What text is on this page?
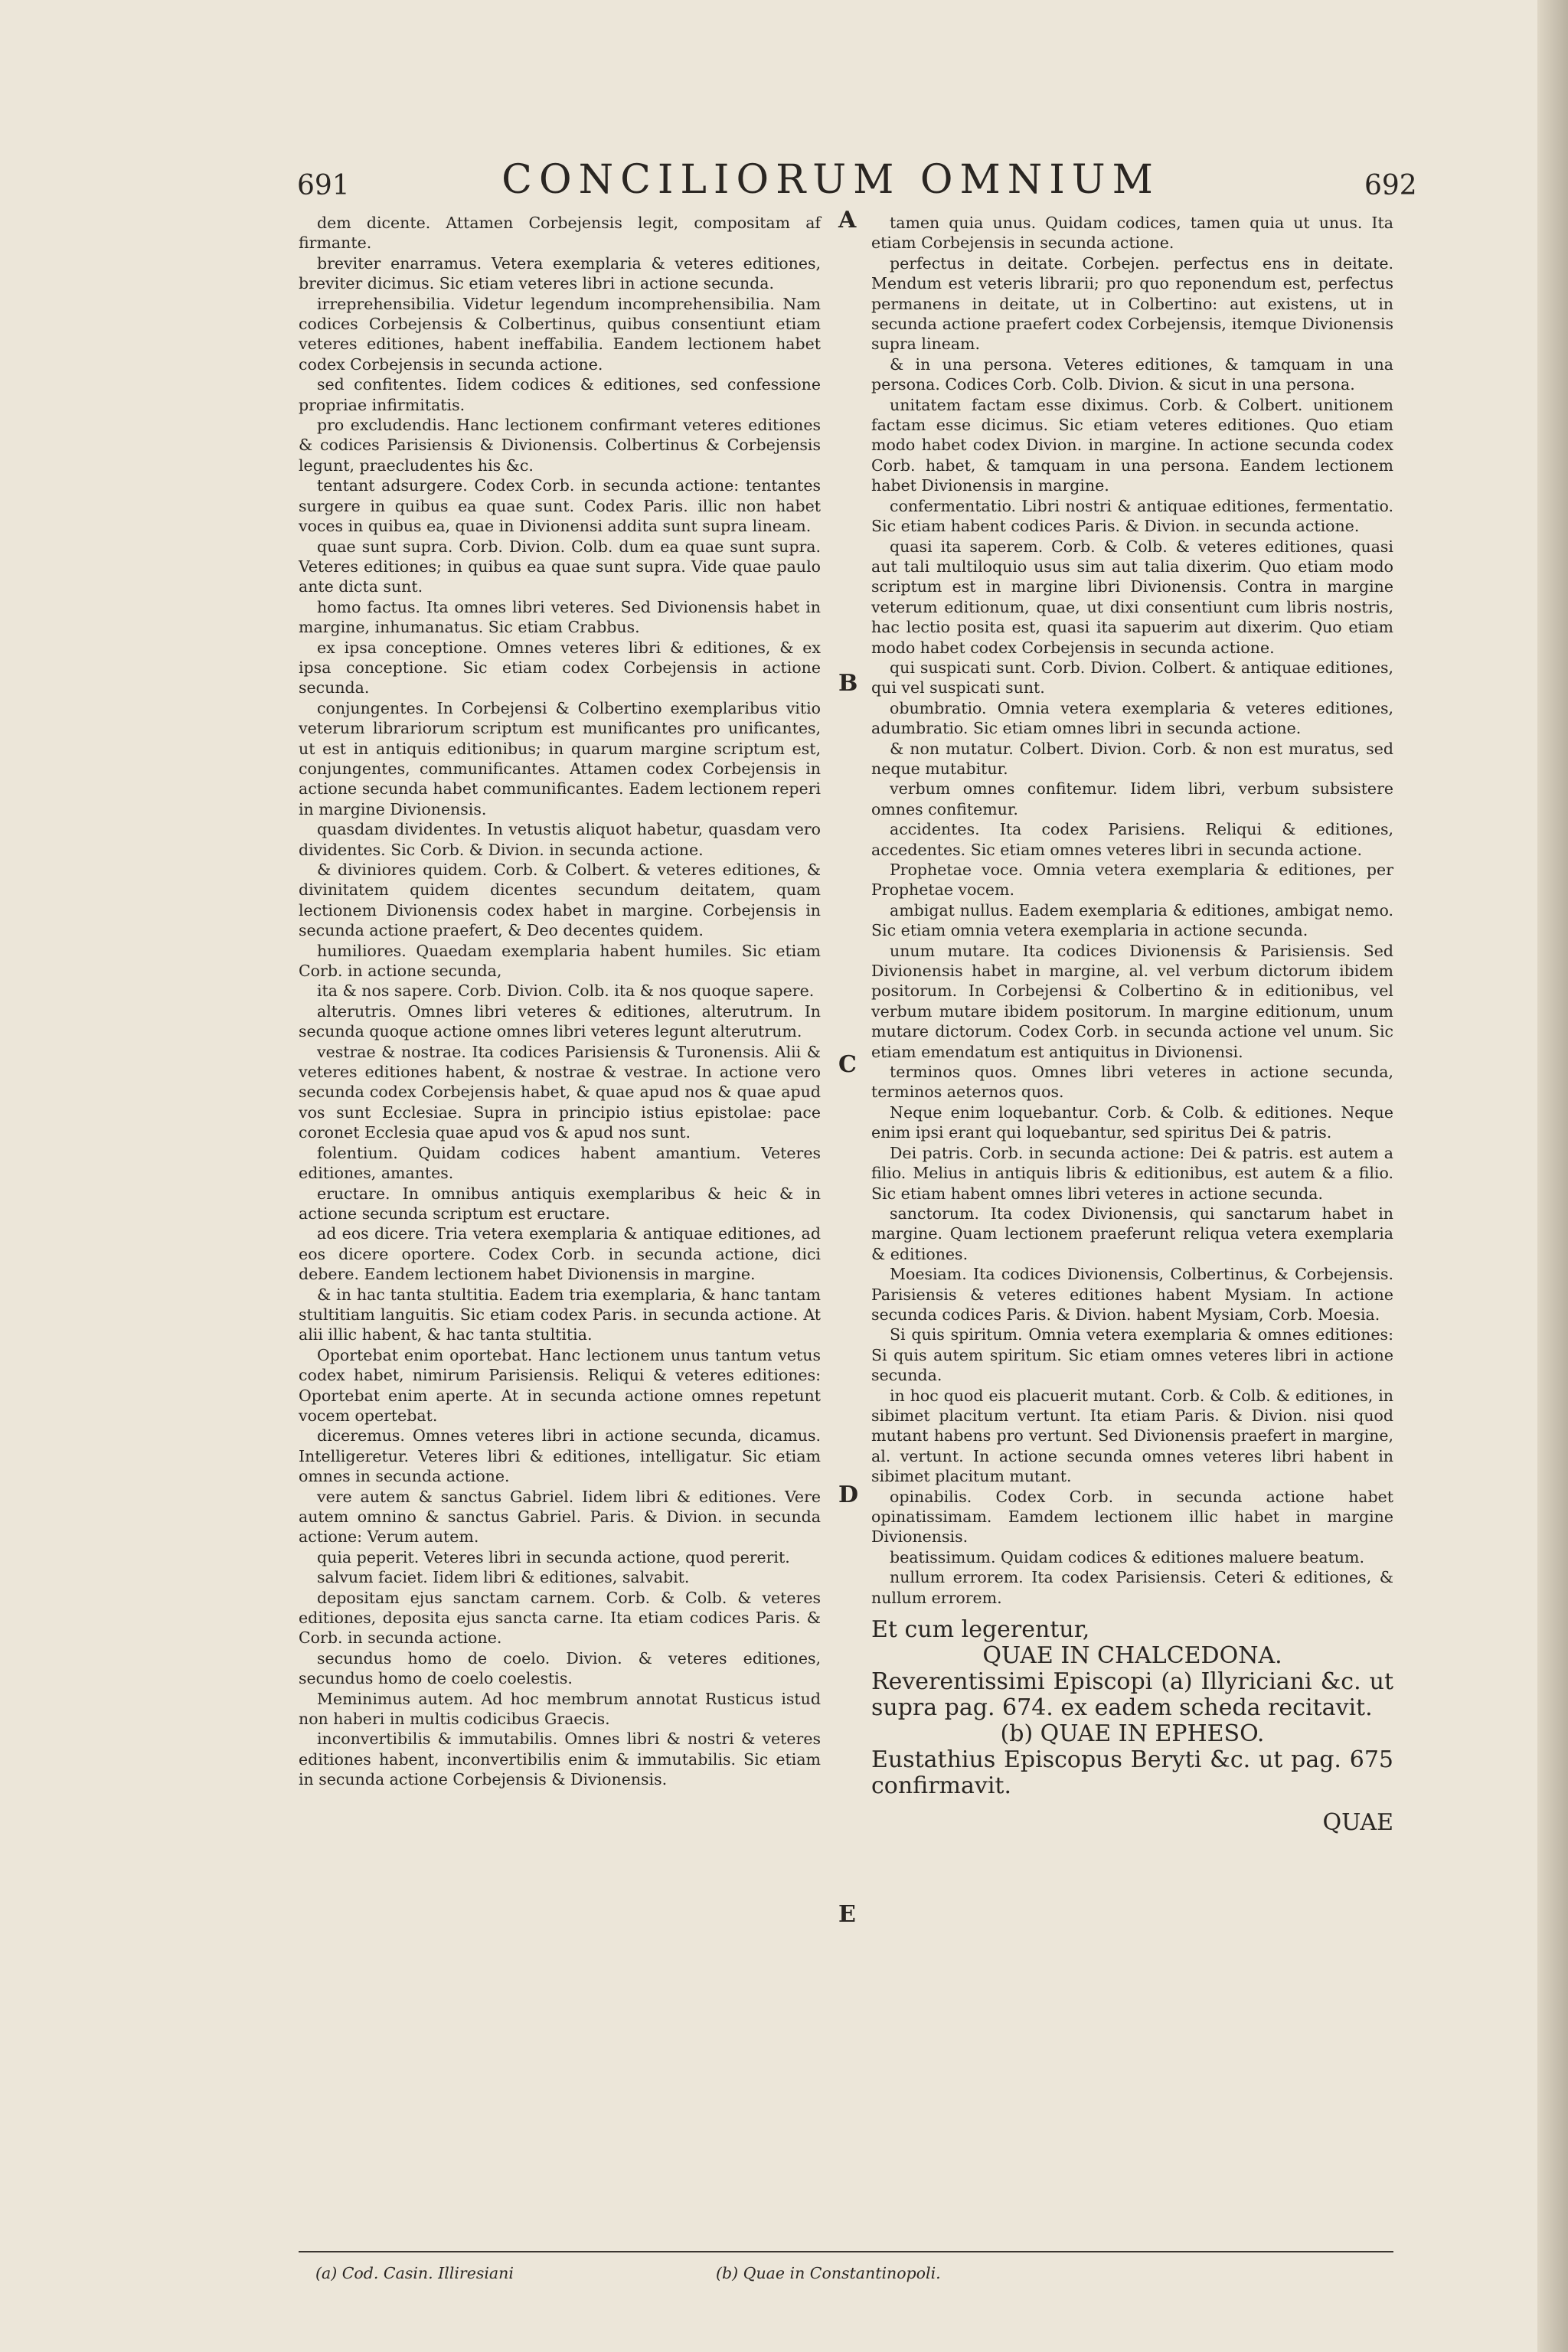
691	CONCILIORUM OMNIUM	692

dem dicente. Attamen Corbejensis legit, compositam af firmante.

breviter enarramus. Vetera exemplaria & veteres editiones, breviter dicimus. Sic etiam veteres libri in actione secunda.

irreprehensibilia. Videtur legendum incomprehensibilia. Nam codices Corbejensis & Colbertinus, quibus consentiunt etiam veteres editiones, habent ineffabilia. Eandem lectionem habet codex Corbejensis in secunda actione.

sed confitentes. Iidem codices & editiones, sed confessione propriae infirmitatis.

pro excludendis. Hanc lectionem confirmant veteres editiones & codices Parisiensis & Divionensis. Colbertinus & Corbejensis legunt, praecludentes his &c.

tentant adsurgere. Codex Corb. in secunda actione: tentantes surgere in quibus ea quae sunt. Codex Paris. illic non habet voces in quibus ea, quae in Divionensi addita sunt supra lineam.

quae sunt supra. Corb. Divion. Colb. dum ea quae sunt supra. Veteres editiones; in quibus ea quae sunt supra. Vide quae paulo ante dicta sunt.

homo factus. Ita omnes libri veteres. Sed Divionensis habet in margine, inhumanatus. Sic etiam Crabbus.

ex ipsa conceptione. Omnes veteres libri & editiones, & ex ipsa conceptione. Sic etiam codex Corbejensis in actione secunda.

conjungentes. In Corbejensi & Colbertino exemplaribus vitio veterum librariorum scriptum est munificantes pro unificantes, ut est in antiquis editionibus; in quarum margine scriptum est, conjungentes, communificantes. Attamen codex Corbejensis in actione secunda habet communificantes. Eadem lectionem reperi in margine Divionensis.

quasdam dividentes. In vetustis aliquot habetur, quasdam vero dividentes. Sic Corb. & Divion. in secunda actione.

& diviniores quidem. Corb. & Colbert. & veteres editiones, & divinitatem quidem dicentes secundum deitatem, quam lectionem Divionensis codex habet in margine. Corbejensis in secunda actione praefert, & Deo decentes quidem.

humiliores. Quaedam exemplaria habent humiles. Sic etiam Corb. in actione secunda,

ita & nos sapere. Corb. Divion. Colb. ita & nos quoque sapere.

alterutris. Omnes libri veteres & editiones, alterutrum. In secunda quoque actione omnes libri veteres legunt alterutrum.

vestrae & nostrae. Ita codices Parisiensis & Turonensis. Alii & veteres editiones habent, & nostrae & vestrae. In actione vero secunda codex Corbejensis habet, & quae apud nos & quae apud vos sunt Ecclesiae. Supra in principio istius epistolae: pace coronet Ecclesia quae apud vos & apud nos sunt.

folentium. Quidam codices habent amantium. Veteres editiones, amantes.

eructare. In omnibus antiquis exemplaribus & heic & in actione secunda scriptum est eructare.

ad eos dicere. Tria vetera exemplaria & antiquae editiones, ad eos dicere oportere. Codex Corb. in secunda actione, dici debere. Eandem lectionem habet Divionensis in margine.

& in hac tanta stultitia. Eadem tria exemplaria, & hanc tantam stultitiam languitis. Sic etiam codex Paris. in secunda actione. At alii illic habent, & hac tanta stultitia.

Oportebat enim oportebat. Hanc lectionem unus tantum vetus codex habet, nimirum Parisiensis. Reliqui & veteres editiones: Oportebat enim aperte. At in secunda actione omnes repetunt vocem opertebat.

diceremus. Omnes veteres libri in actione secunda, dicamus. Intelligeretur. Veteres libri & editiones, intelligatur. Sic etiam omnes in secunda actione.

vere autem & sanctus Gabriel. Iidem libri & editiones. Vere autem omnino & sanctus Gabriel. Paris. & Divion. in secunda actione: Verum autem.

quia peperit. Veteres libri in secunda actione, quod pererit.

salvum faciet. Iidem libri & editiones, salvabit.

depositam ejus sanctam carnem. Corb. & Colb. & veteres editiones, deposita ejus sancta carne. Ita etiam codices Paris. & Corb. in secunda actione.

secundus homo de coelo. Divion. & veteres editiones, secundus homo de coelo coelestis.

Meminimus autem. Ad hoc membrum annotat Rusticus istud non haberi in multis codicibus Graecis.

inconvertibilis & immutabilis. Omnes libri & nostri & veteres editiones habent, inconvertibilis enim & immutabilis. Sic etiam in secunda actione Corbejensis & Divionensis.

tamen quia unus. Quidam codices, tamen quia ut unus. Ita etiam Corbejensis in secunda actione.

perfectus in deitate. Corbejen. perfectus ens in deitate. Mendum est veteris librarii; pro quo reponendum est, perfectus permanens in deitate, ut in Colbertino: aut existens, ut in secunda actione praefert codex Corbejensis, itemque Divionensis supra lineam.

& in una persona. Veteres editiones, & tamquam in una persona. Codices Corb. Colb. Divion. & sicut in una persona.

unitatem factam esse diximus. Corb. & Colbert. unitionem factam esse dicimus. Sic etiam veteres editiones. Quo etiam modo habet codex Divion. in margine. In actione secunda codex Corb. habet, & tamquam in una persona. Eandem lectionem habet Divionensis in margine.

confermentatio. Libri nostri & antiquae editiones, fermentatio. Sic etiam habent codices Paris. & Divion. in secunda actione.

quasi ita saperem. Corb. & Colb. & veteres editiones, quasi aut tali multiloquio usus sim aut talia dixerim. Quo etiam modo scriptum est in margine libri Divionensis. Contra in margine veterum editionum, quae, ut dixi consentiunt cum libris nostris, hac lectio posita est, quasi ita sapuerim aut dixerim. Quo etiam modo habet codex Corbejensis in secunda actione.

qui suspicati sunt. Corb. Divion. Colbert. & antiquae editiones, qui vel suspicati sunt.

obumbratio. Omnia vetera exemplaria & veteres editiones, adumbratio. Sic etiam omnes libri in secunda actione.

& non mutatur. Colbert. Divion. Corb. & non est muratus, sed neque mutabitur.

verbum omnes confitemur. Iidem libri, verbum subsistere omnes confitemur.

accidentes. Ita codex Parisiens. Reliqui & editiones, accedentes. Sic etiam omnes veteres libri in secunda actione.

Prophetae voce. Omnia vetera exemplaria & editiones, per Prophetae vocem.

ambigat nullus. Eadem exemplaria & editiones, ambigat nemo. Sic etiam omnia vetera exemplaria in actione secunda.

unum mutare. Ita codices Divionensis & Parisiensis. Sed Divionensis habet in margine, al. vel verbum dictorum ibidem positorum. In Corbejensi & Colbertino & in editionibus, vel verbum mutare ibidem positorum. In margine editionum, unum mutare dictorum. Codex Corb. in secunda actione vel unum. Sic etiam emendatum est antiquitus in Divionensi.

terminos quos. Omnes libri veteres in actione secunda, terminos aeternos quos.

Neque enim loquebantur. Corb. & Colb. & editiones. Neque enim ipsi erant qui loquebantur, sed spiritus Dei & patris.

Dei patris. Corb. in secunda actione: Dei & patris. est autem a filio. Melius in antiquis libris & editionibus, est autem & a filio. Sic etiam habent omnes libri veteres in actione secunda.

sanctorum. Ita codex Divionensis, qui sanctarum habet in margine. Quam lectionem praeferunt reliqua vetera exemplaria & editiones.

Moesiam. Ita codices Divionensis, Colbertinus, & Corbejensis. Parisiensis & veteres editiones habent Mysiam. In actione secunda codices Paris. & Divion. habent Mysiam, Corb. Moesia.

Si quis spiritum. Omnia vetera exemplaria & omnes editiones: Si quis autem spiritum. Sic etiam omnes veteres libri in actione secunda.

in hoc quod eis placuerit mutant. Corb. & Colb. & editiones, in sibimet placitum vertunt. Ita etiam Paris. & Divion. nisi quod mutant habens pro vertunt. Sed Divionensis praefert in margine, al. vertunt. In actione secunda omnes veteres libri habent in sibimet placitum mutant.

opinabilis. Codex Corb. in secunda actione habet opinatissimam. Eamdem lectionem illic habet in margine Divionensis.

beatissimum. Quidam codices & editiones maluere beatum.

nullum errorem. Ita codex Parisiensis. Ceteri & editiones, & nullum errorem.

Et cum legerentur,

QUAE IN CHALCEDONA.

Reverentissimi Episcopi (a) Illyriciani &c. ut supra pag. 674. ex eadem scheda recitavit.

(b) QUAE IN EPHESO.

Eustathius Episcopus Beryti &c. ut pag. 675 confirmavit.

QUAE
A
B
C
D
E
(a) Cod. Casin. Illiresiani	(b) Quae in Constantinopoli.
